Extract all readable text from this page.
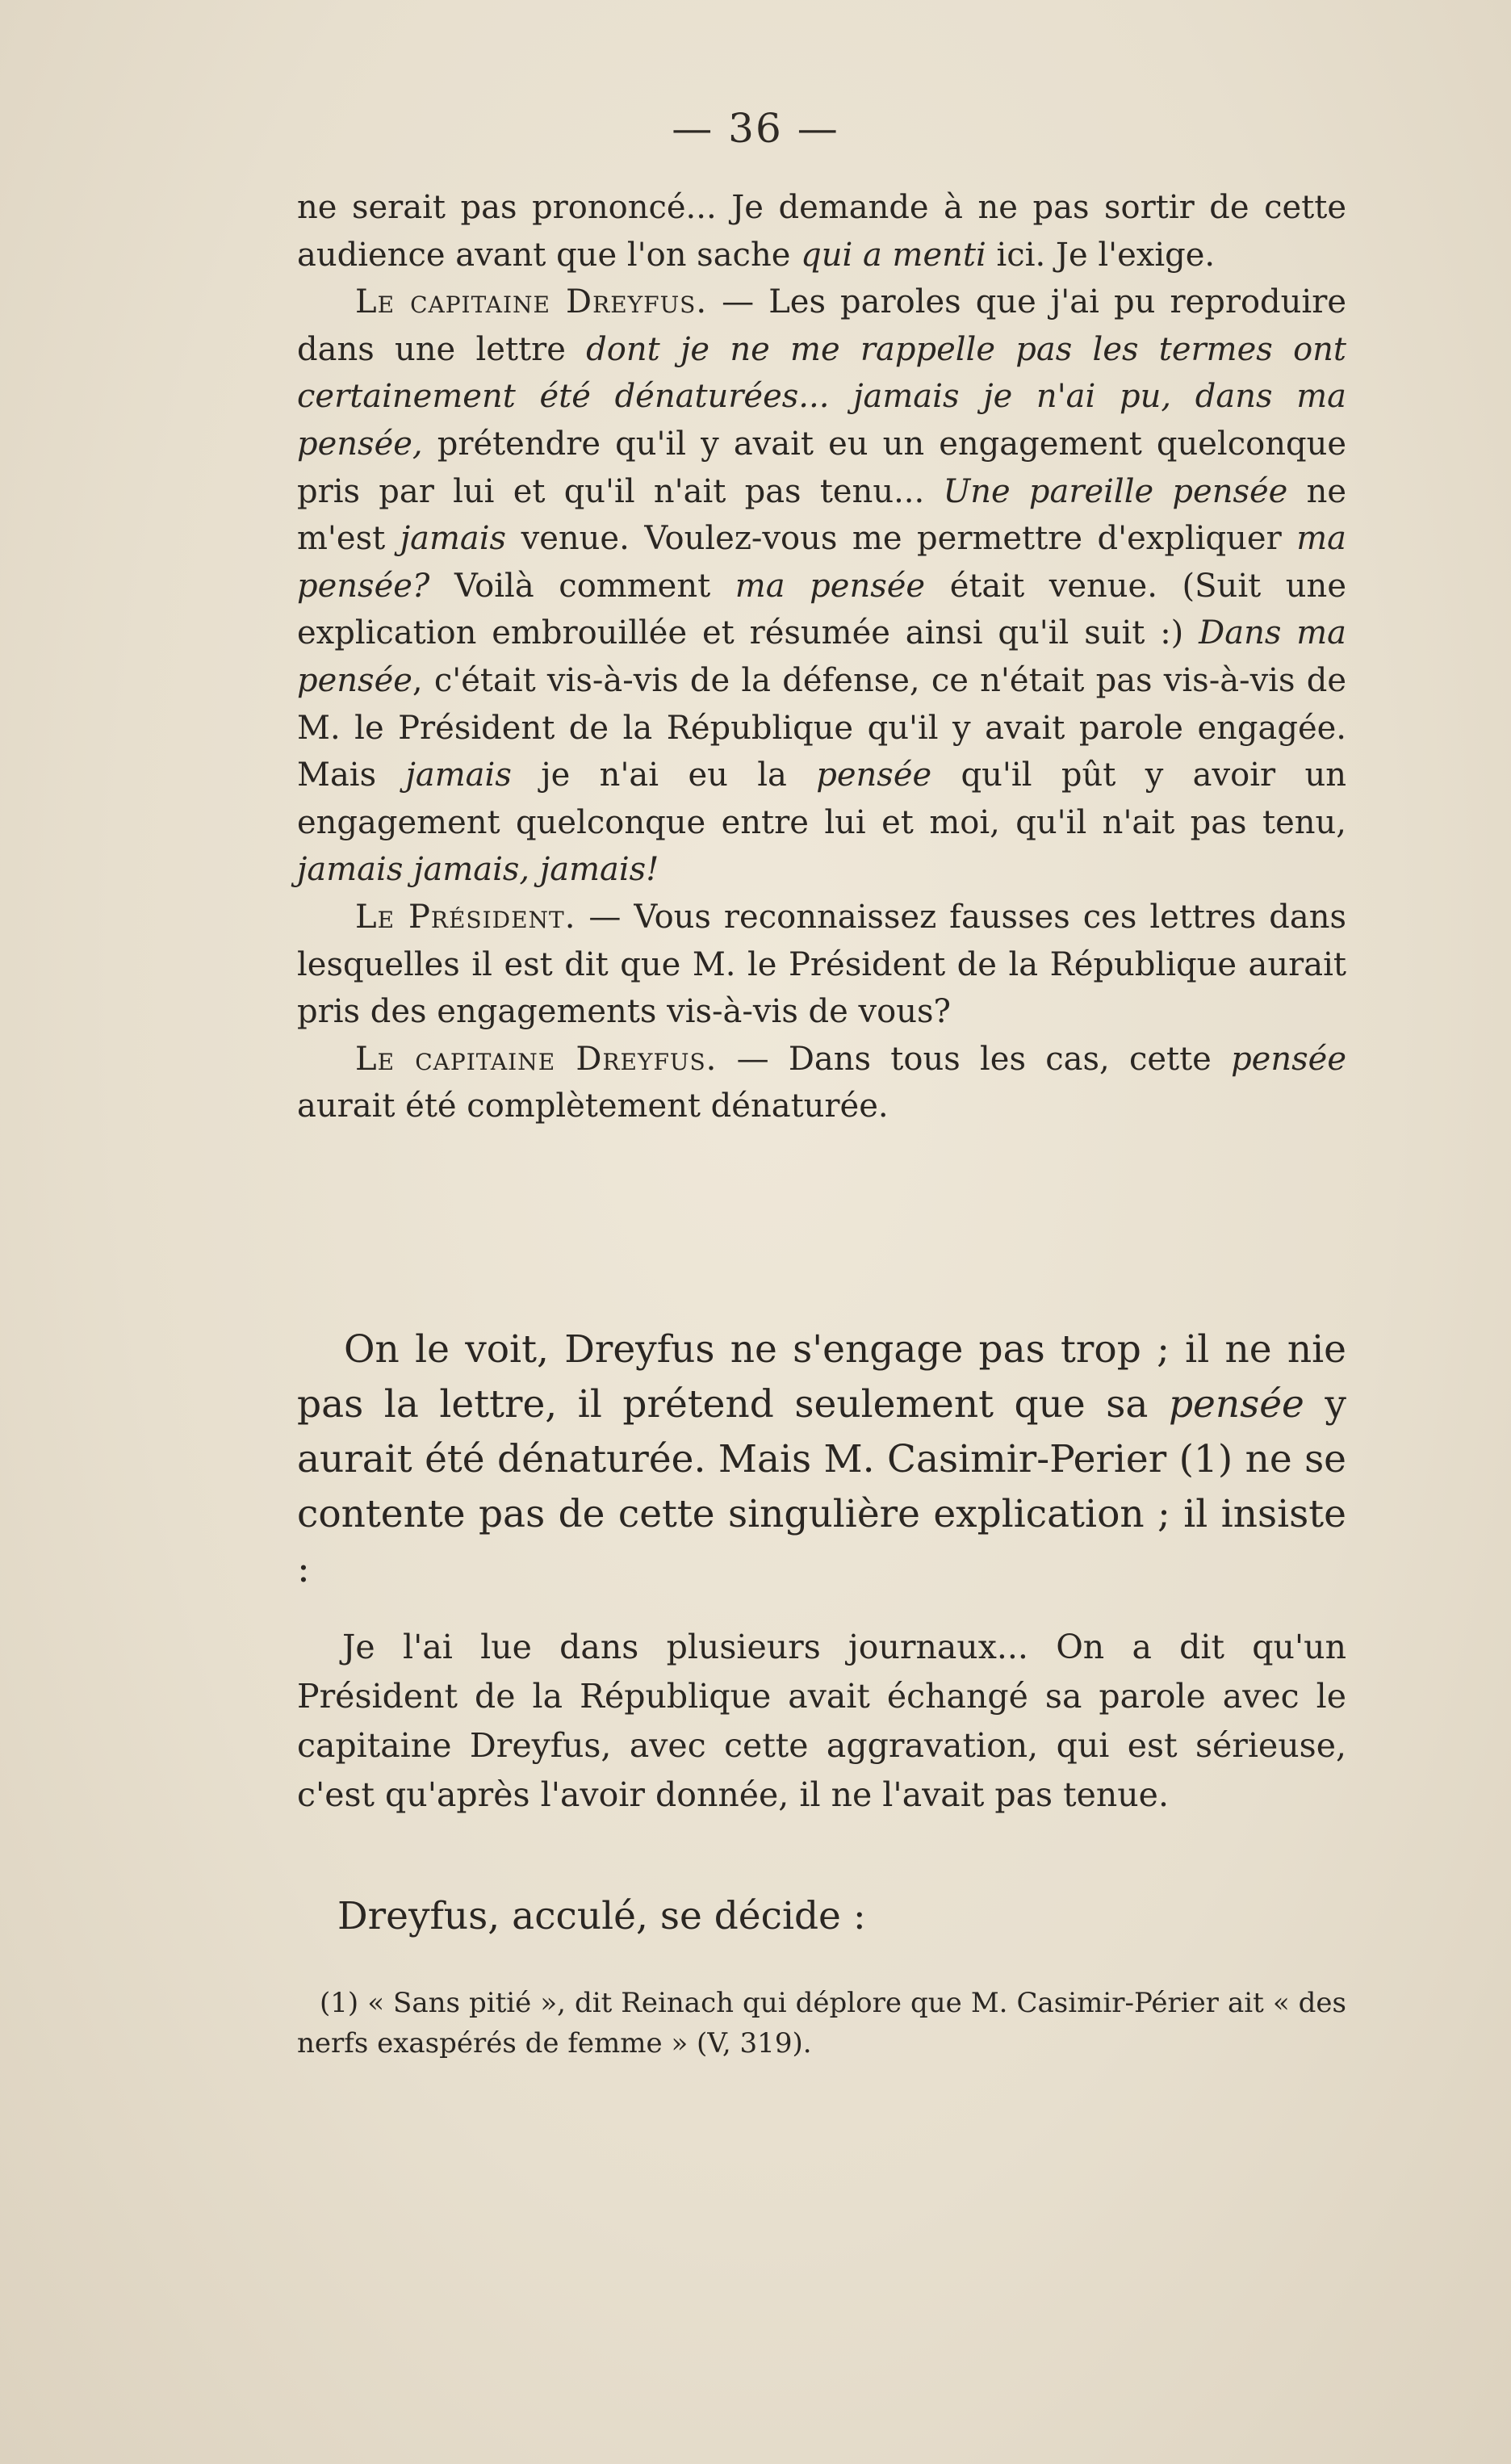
— 36 —

ne serait pas prononcé... Je demande à ne pas sortir de cette audience avant que l'on sache qui a menti ici. Je l'exige.

Le capitaine Dreyfus. — Les paroles que j'ai pu reproduire dans une lettre dont je ne me rappelle pas les termes ont certainement été dénaturées... jamais je n'ai pu, dans ma pensée, prétendre qu'il y avait eu un engagement quelconque pris par lui et qu'il n'ait pas tenu... Une pareille pensée ne m'est jamais venue. Voulez-vous me permettre d'expliquer ma pensée? Voilà comment ma pensée était venue. (Suit une explication embrouillée et résumée ainsi qu'il suit :) Dans ma pensée, c'était vis-à-vis de la défense, ce n'était pas vis-à-vis de M. le Président de la République qu'il y avait parole engagée. Mais jamais je n'ai eu la pensée qu'il pût y avoir un engagement quelconque entre lui et moi, qu'il n'ait pas tenu, jamais jamais, jamais!

Le Président. — Vous reconnaissez fausses ces lettres dans lesquelles il est dit que M. le Président de la République aurait pris des engagements vis-à-vis de vous?

Le capitaine Dreyfus. — Dans tous les cas, cette pensée aurait été complètement dénaturée.

On le voit, Dreyfus ne s'engage pas trop ; il ne nie pas la lettre, il prétend seulement que sa pensée y aurait été dénaturée. Mais M. Casimir-Perier (1) ne se contente pas de cette singulière explication ; il insiste :

Je l'ai lue dans plusieurs journaux... On a dit qu'un Président de la République avait échangé sa parole avec le capitaine Dreyfus, avec cette aggravation, qui est sérieuse, c'est qu'après l'avoir donnée, il ne l'avait pas tenue.

Dreyfus, acculé, se décide :

(1) « Sans pitié », dit Reinach qui déplore que M. Casimir-Périer ait « des nerfs exaspérés de femme » (V, 319).
